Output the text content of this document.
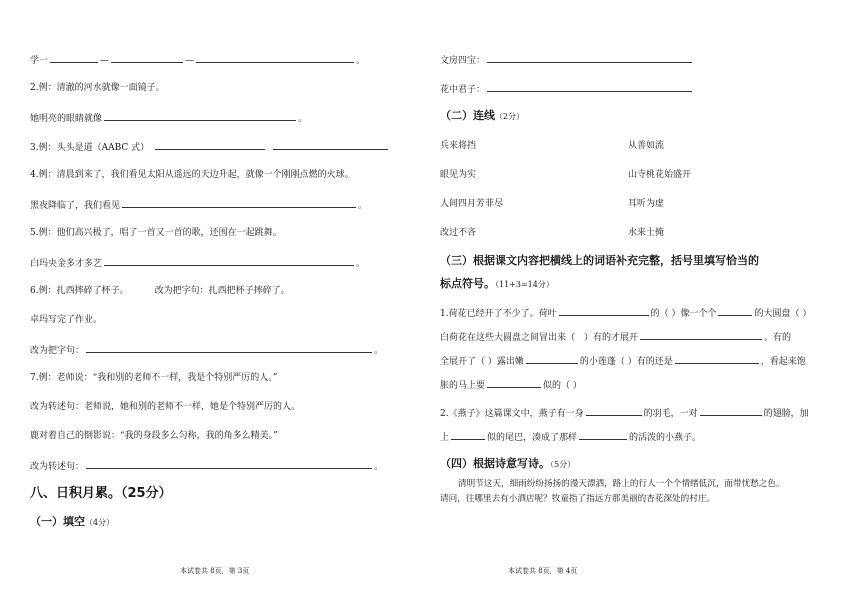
学一	—	—	。
2.例：清澈的河水就像一面镜子。
她明亮的眼睛就像	。
3.例：头头是道（AABC 式）
4.例：清晨到来了，我们看见太阳从遥远的天边升起，就像一个刚刚点燃的火球。
黑夜降临了，我们看见	。
5.例：他们高兴极了，唱了一首又一首的歌，还围在一起跳舞。
白玛央金多才多艺	。
6.例：扎西摔碎了杯子。	改为把字句：扎西把杯子摔碎了。
卓玛写完了作业。
改为把字句：	。
7.例：老师说：“我和别的老师不一样，我是个特别严厉的人。”
改为转述句：老师说，她和别的老师不一样，她是个特别严厉的人。
鹿对着自己的倒影说：“我的身段多么匀称，我的角多么精美。”
改为转述句：	。
八、日积月累。（25分）
（一）填空（4分）
本试卷共 8页，第 3页
文房四宝：
花中君子：
（二）连线（2分）
兵来将挡
眼见为实
人间四月芳菲尽
改过不吝
从善如流
山寺桃花始盛开
耳听为虚
水来土掩
（三）根据课文内容把横线上的词语补充完整，括号里填写恰当的
标点符号。（11+3=14分）
1.荷花已经开了不少了。荷叶	的（ ）像一个个	的大圆盘（ ）
白荷花在这些大圆盘之间冒出来（　）有的才展开	。有的
全展开了（ ）露出嫩	的小莲蓬（ ）有的还是	，看起来饱
胀的马上要	似的（ ）
2.《燕子》这篇课文中，燕子有一身	的羽毛，一对	的翅膀，加
上	似的尾巴，凑成了那样	的活泼的小燕子。
（四）根据诗意写诗。（5分）
清明节这天，细雨纷纷扬扬的漫天漂洒，路上的行人一个个情绪低沉，面带忧愁之色。
请问，往哪里去有小酒店呢？牧童指了指远方那美丽的杏花深处的村庄。
本试卷共 8页，第 4页
